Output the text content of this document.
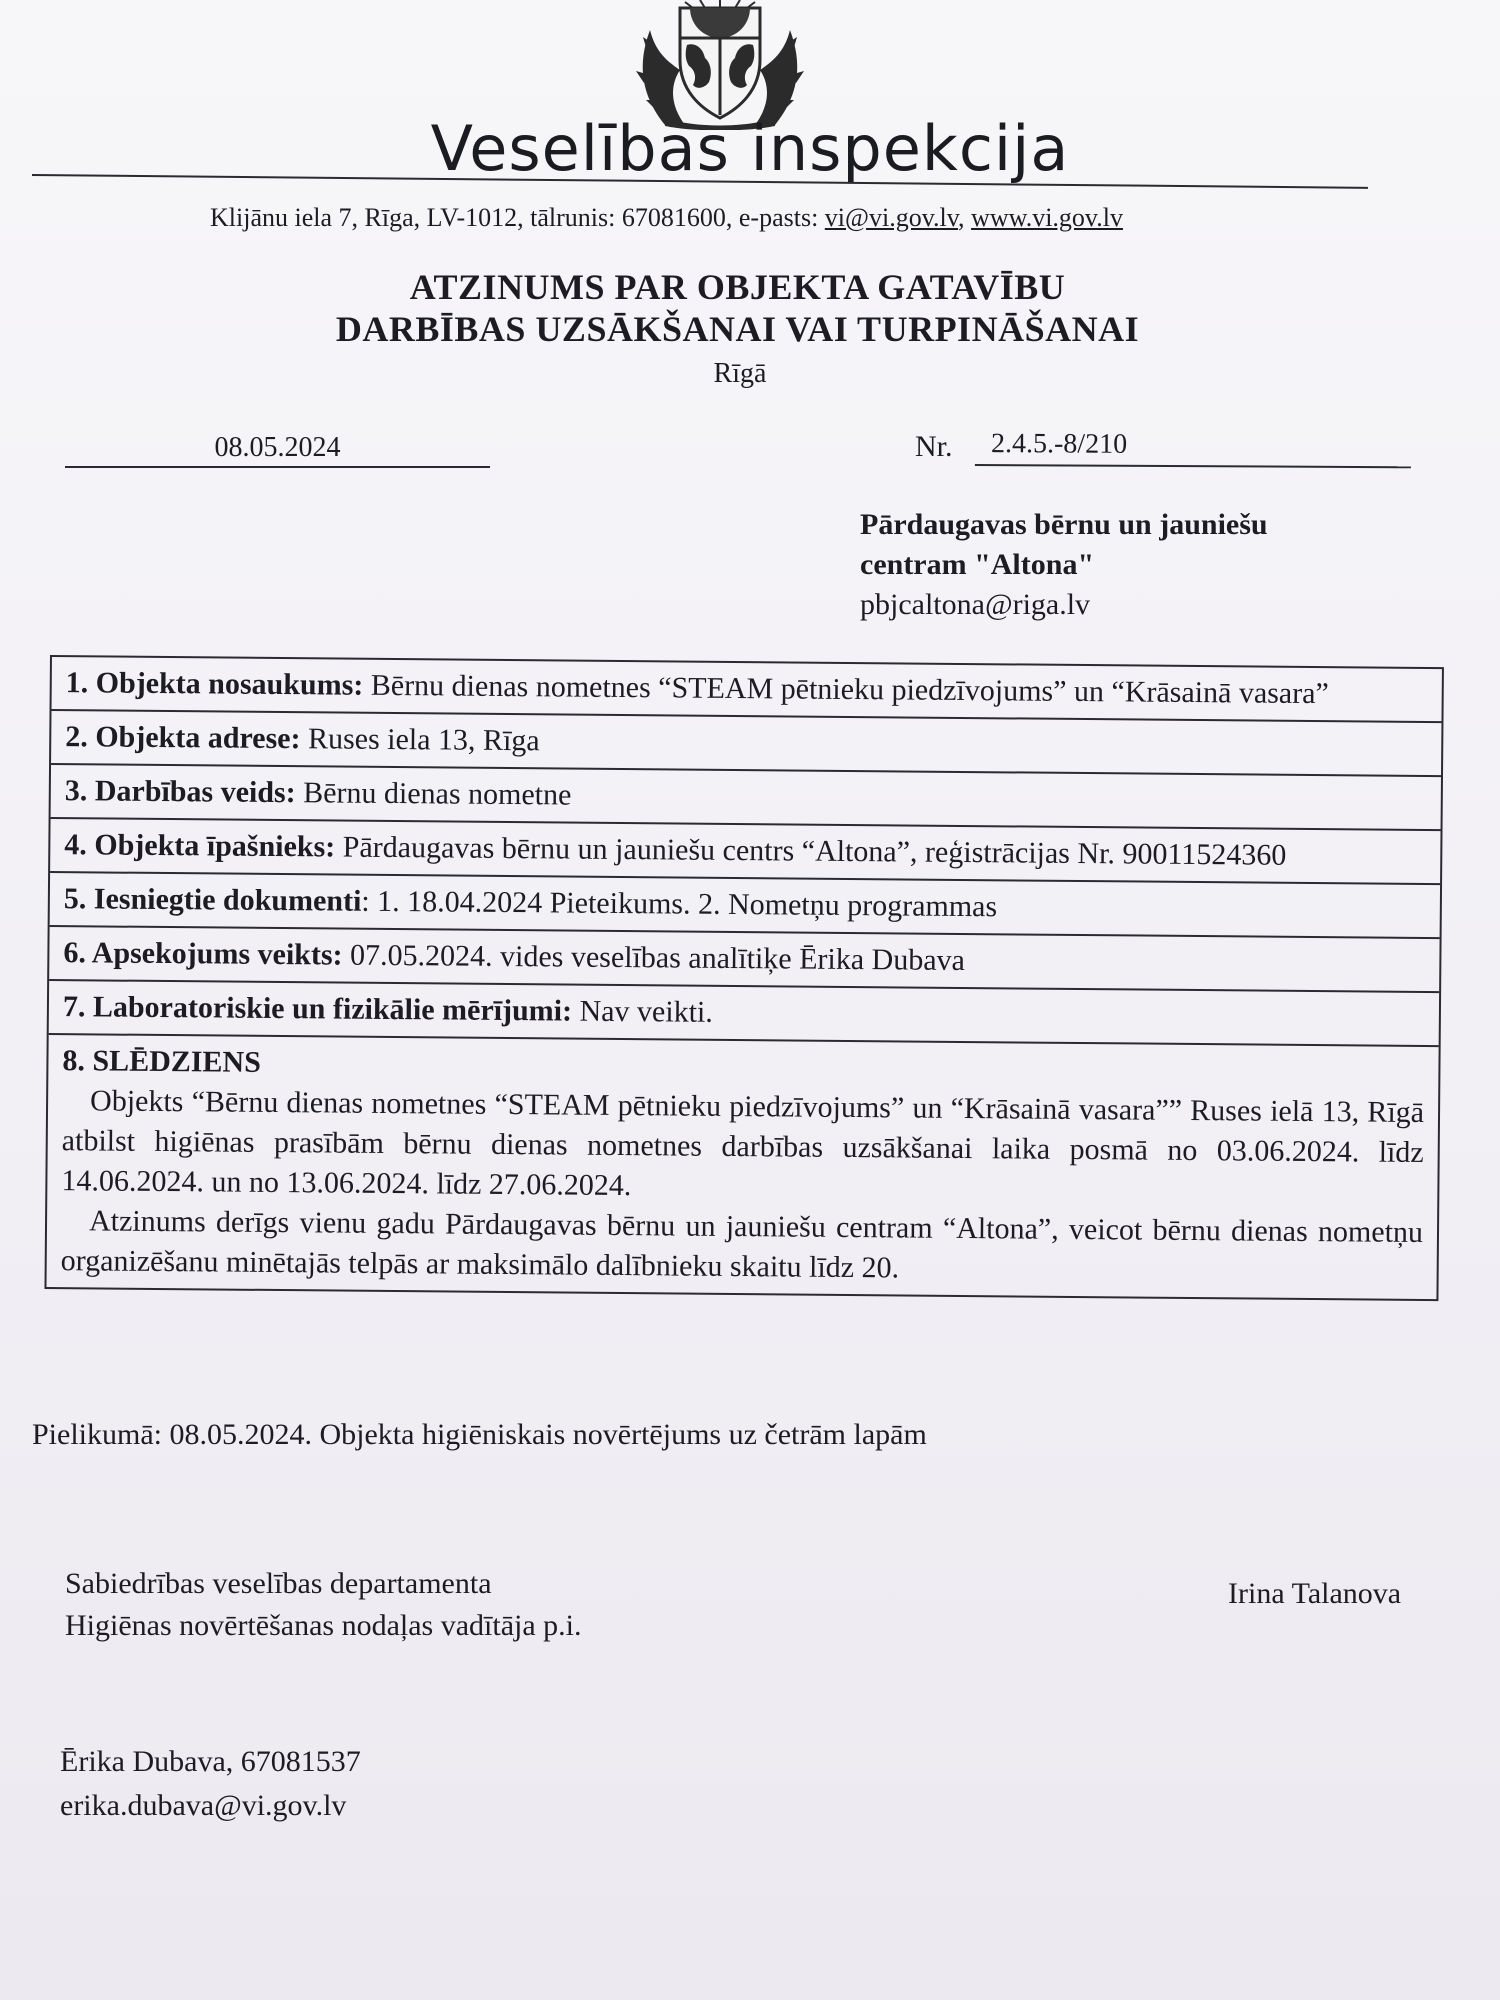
Veselības inspekcija
Klijānu iela 7, Rīga, LV-1012, tālrunis: 67081600, e-pasts: vi@vi.gov.lv, www.vi.gov.lv
ATZINUMS PAR OBJEKTA GATAVĪBU
DARBĪBAS UZSĀKŠANAI VAI TURPINĀŠANAI
Rīgā
08.05.2024	Nr.	2.4.5.-8/210
Pārdaugavas bērnu un jauniešu
centram "Altona"
pbjcaltona@riga.lv
1. Objekta nosaukums: Bērnu dienas nometnes “STEAM pētnieku piedzīvojums” un “Krāsainā vasara”
2. Objekta adrese: Ruses iela 13, Rīga
3. Darbības veids: Bērnu dienas nometne
4. Objekta īpašnieks: Pārdaugavas bērnu un jauniešu centrs “Altona”, reģistrācijas Nr. 90011524360
5. Iesniegtie dokumenti: 1. 18.04.2024 Pieteikums. 2. Nometņu programmas
6. Apsekojums veikts: 07.05.2024. vides veselības analītiķe Ērika Dubava
7. Laboratoriskie un fizikālie mērījumi: Nav veikti.
8. SLĒDZIENS
Objekts “Bērnu dienas nometnes “STEAM pētnieku piedzīvojums” un “Krāsainā vasara”” Ruses ielā 13, Rīgā atbilst higiēnas prasībām bērnu dienas nometnes darbības uzsākšanai laika posmā no 03.06.2024. līdz 14.06.2024. un no 13.06.2024. līdz 27.06.2024.
Atzinums derīgs vienu gadu Pārdaugavas bērnu un jauniešu centram “Altona”, veicot bērnu dienas nometņu organizēšanu minētajās telpās ar maksimālo dalībnieku skaitu līdz 20.
Pielikumā: 08.05.2024. Objekta higiēniskais novērtējums uz četrām lapām
Sabiedrības veselības departamenta
Higiēnas novērtēšanas nodaļas vadītāja p.i.
Irina Talanova
Ērika Dubava, 67081537
erika.dubava@vi.gov.lv
